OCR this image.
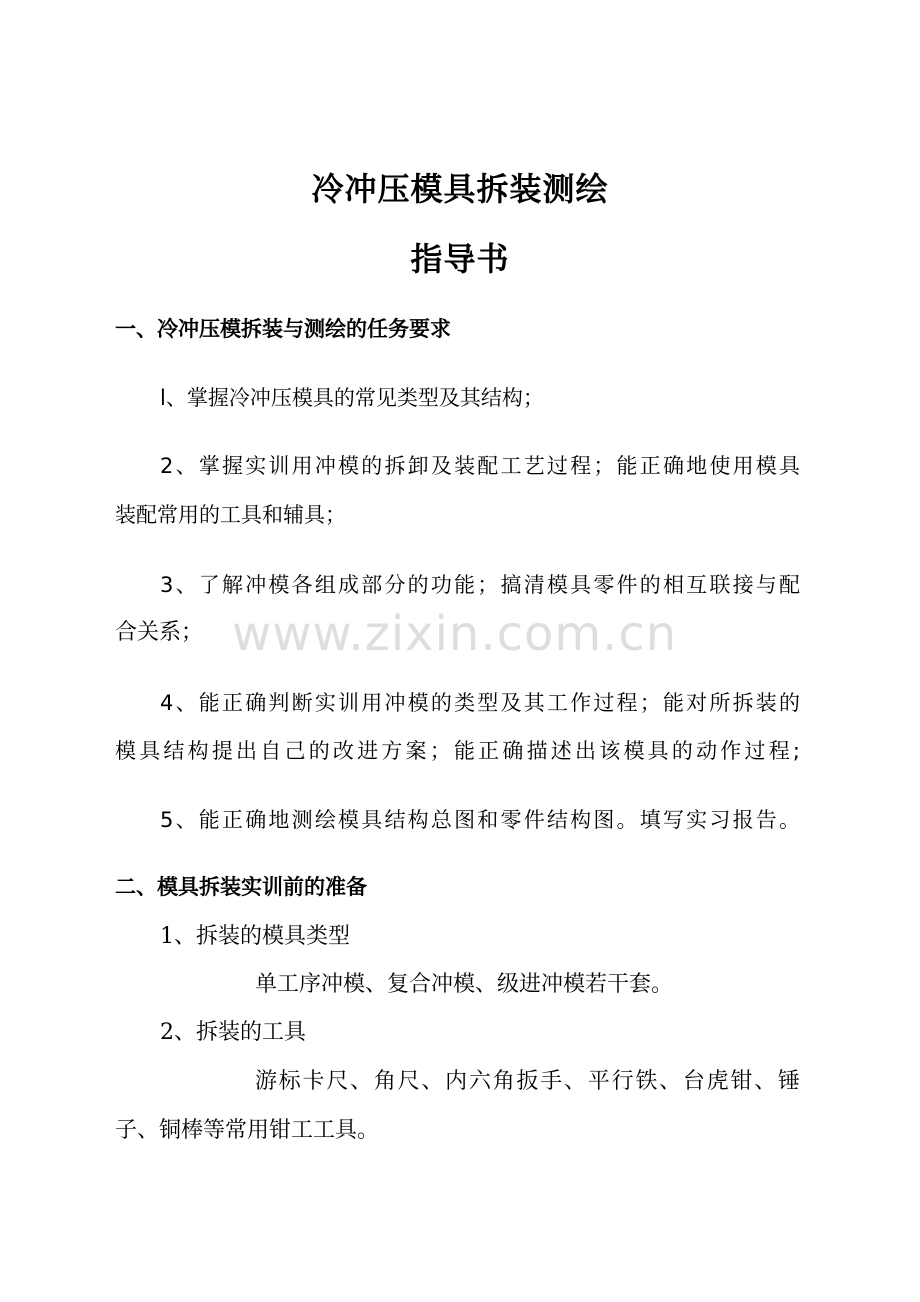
www.zixin.com.cn
冷冲压模具拆装测绘
指导书
一、冷冲压模拆装与测绘的任务要求
l、掌握冷冲压模具的常见类型及其结构；
2、掌握实训用冲模的拆卸及装配工艺过程；能正确地使用模具
装配常用的工具和辅具；
3、了解冲模各组成部分的功能；搞清模具零件的相互联接与配
合关系；
4、能正确判断实训用冲模的类型及其工作过程；能对所拆装的
模具结构提出自己的改进方案；能正确描述出该模具的动作过程;
5、能正确地测绘模具结构总图和零件结构图。填写实习报告。
二、模具拆装实训前的准备
1、拆装的模具类型
单工序冲模、复合冲模、级进冲模若干套。
2、拆装的工具
游标卡尺、角尺、内六角扳手、平行铁、台虎钳、锤
子、铜棒等常用钳工工具。
